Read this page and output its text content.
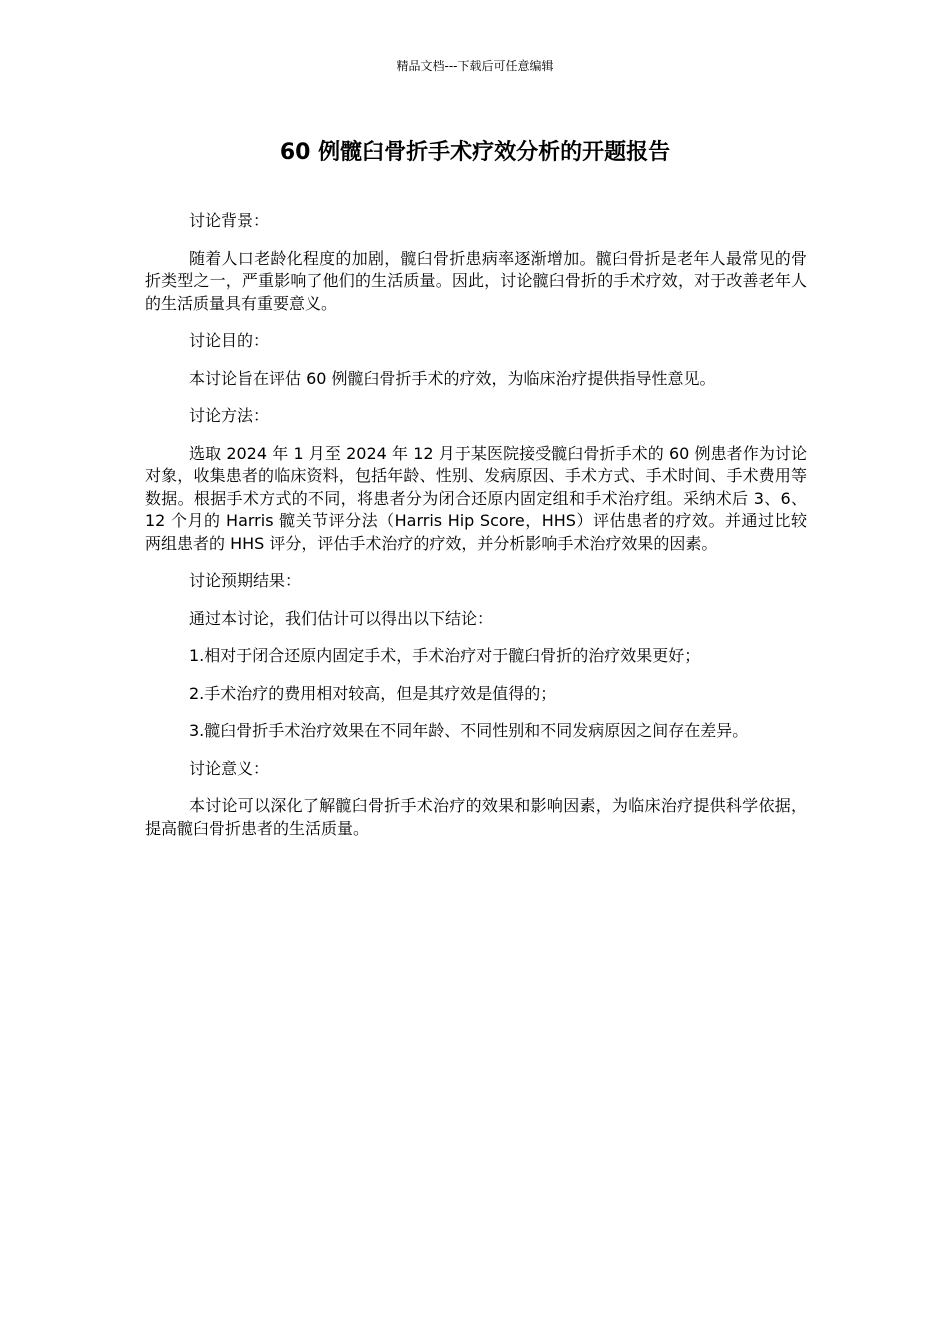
精品文档---下载后可任意编辑
60 例髋臼骨折手术疗效分析的开题报告

讨论背景：

随着人口老龄化程度的加剧，髋臼骨折患病率逐渐增加。髋臼骨折是老年人最常见的骨折类型之一，严重影响了他们的生活质量。因此，讨论髋臼骨折的手术疗效，对于改善老年人的生活质量具有重要意义。

讨论目的：

本讨论旨在评估 60 例髋臼骨折手术的疗效，为临床治疗提供指导性意见。

讨论方法：

选取 2024 年 1 月至 2024 年 12 月于某医院接受髋臼骨折手术的 60 例患者作为讨论对象，收集患者的临床资料，包括年龄、性别、发病原因、手术方式、手术时间、手术费用等数据。根据手术方式的不同，将患者分为闭合还原内固定组和手术治疗组。采纳术后 3、6、12 个月的 Harris 髋关节评分法（Harris Hip Score，HHS）评估患者的疗效。并通过比较两组患者的 HHS 评分，评估手术治疗的疗效，并分析影响手术治疗效果的因素。

讨论预期结果：

通过本讨论，我们估计可以得出以下结论：

1.相对于闭合还原内固定手术，手术治疗对于髋臼骨折的治疗效果更好；

2.手术治疗的费用相对较高，但是其疗效是值得的；

3.髋臼骨折手术治疗效果在不同年龄、不同性别和不同发病原因之间存在差异。

讨论意义：

本讨论可以深化了解髋臼骨折手术治疗的效果和影响因素，为临床治疗提供科学依据，提高髋臼骨折患者的生活质量。
